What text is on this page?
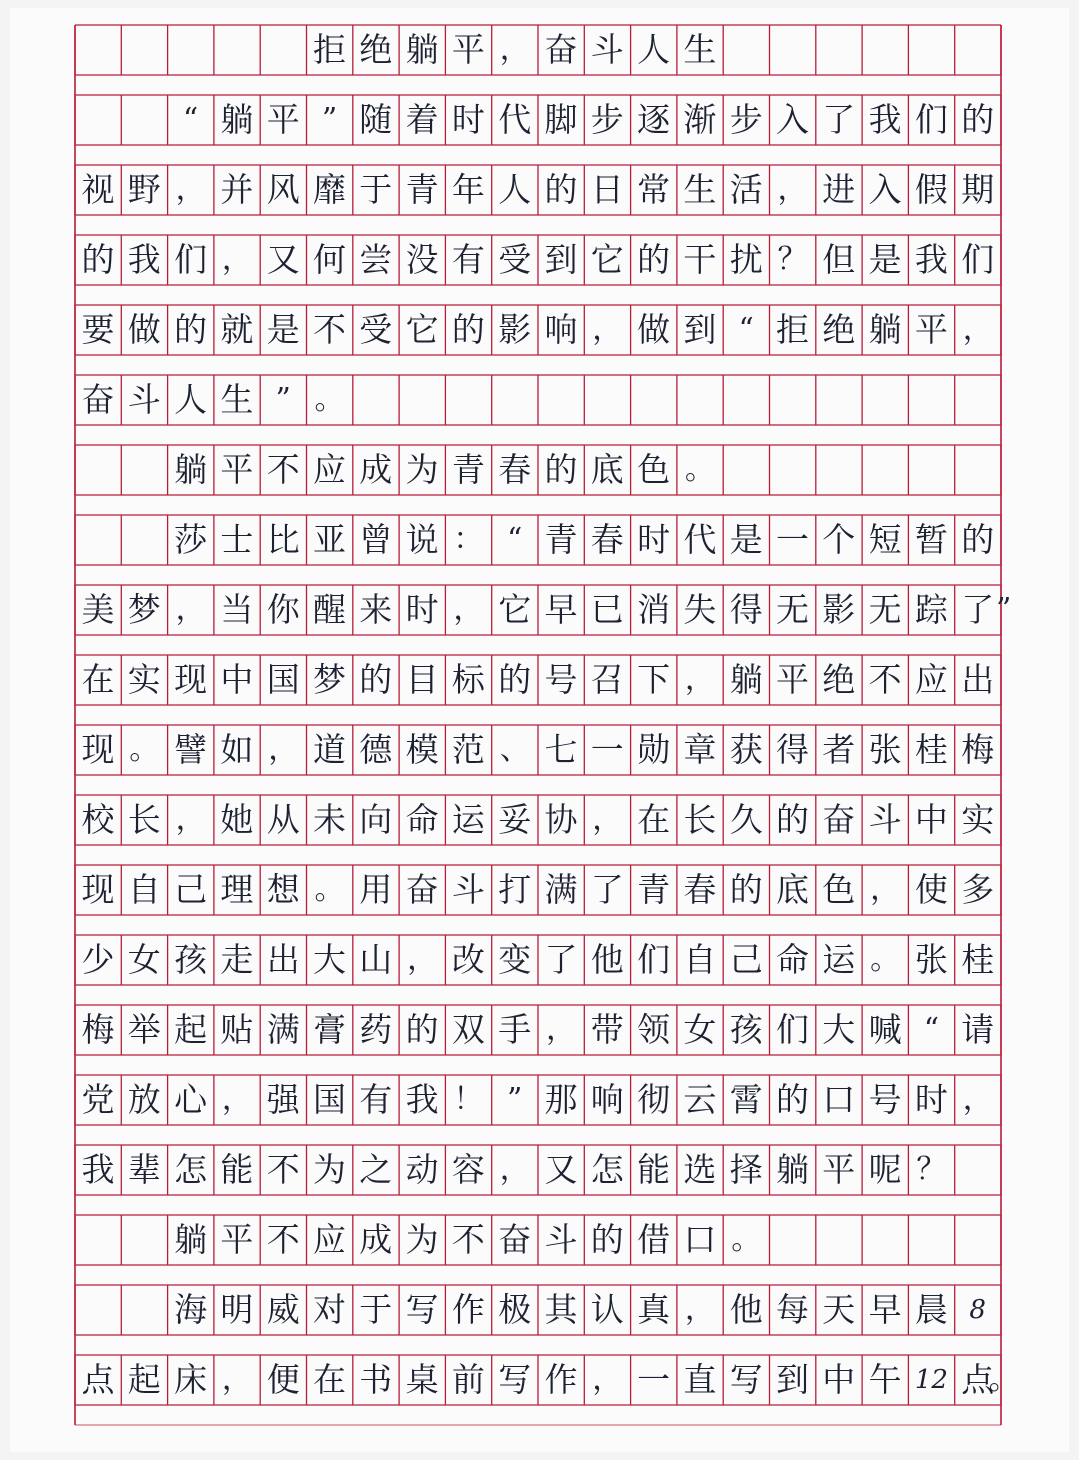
拒 绝 躺 平 ， 奋 斗 人 生
“ 躺 平 ” 随 着 时 代 脚 步 逐 渐 步 入 了 我 们 的
视 野 ， 并 风 靡 于 青 年 人 的 日 常 生 活 ， 进 入 假 期
的 我 们 ， 又 何 尝 没 有 受 到 它 的 干 扰 ？ 但 是 我 们
要 做 的 就 是 不 受 它 的 影 响 ， 做 到 “ 拒 绝 躺 平 ，
奋 斗 人 生 ” 。
躺 平 不 应 成 为 青 春 的 底 色 。
莎 士 比 亚 曾 说 ： “ 青 春 时 代 是 一 个 短 暂 的
美 梦 ， 当 你 醒 来 时 ， 它 早 已 消 失 得 无 影 无 踪 了 ”
在 实 现 中 国 梦 的 目 标 的 号 召 下 ， 躺 平 绝 不 应 出
现 。 譬 如 ， 道 德 模 范 、 七 一 勋 章 获 得 者 张 桂 梅
校 长 ， 她 从 未 向 命 运 妥 协 ， 在 长 久 的 奋 斗 中 实
现 自 己 理 想 。 用 奋 斗 打 满 了 青 春 的 底 色 ， 使 多
少 女 孩 走 出 大 山 ， 改 变 了 他 们 自 己 命 运 。 张 桂
梅 举 起 贴 满 膏 药 的 双 手 ， 带 领 女 孩 们 大 喊 “ 请
党 放 心 ， 强 国 有 我 ！ ” 那 响 彻 云 霄 的 口 号 时 ，
我 辈 怎 能 不 为 之 动 容 ， 又 怎 能 选 择 躺 平 呢 ？
躺 平 不 应 成 为 不 奋 斗 的 借 口 。
海 明 威 对 于 写 作 极 其 认 真 ， 他 每 天 早 晨 8
点 起 床 ， 便 在 书 桌 前 写 作 ， 一 直 写 到 中 午 12 点
。
